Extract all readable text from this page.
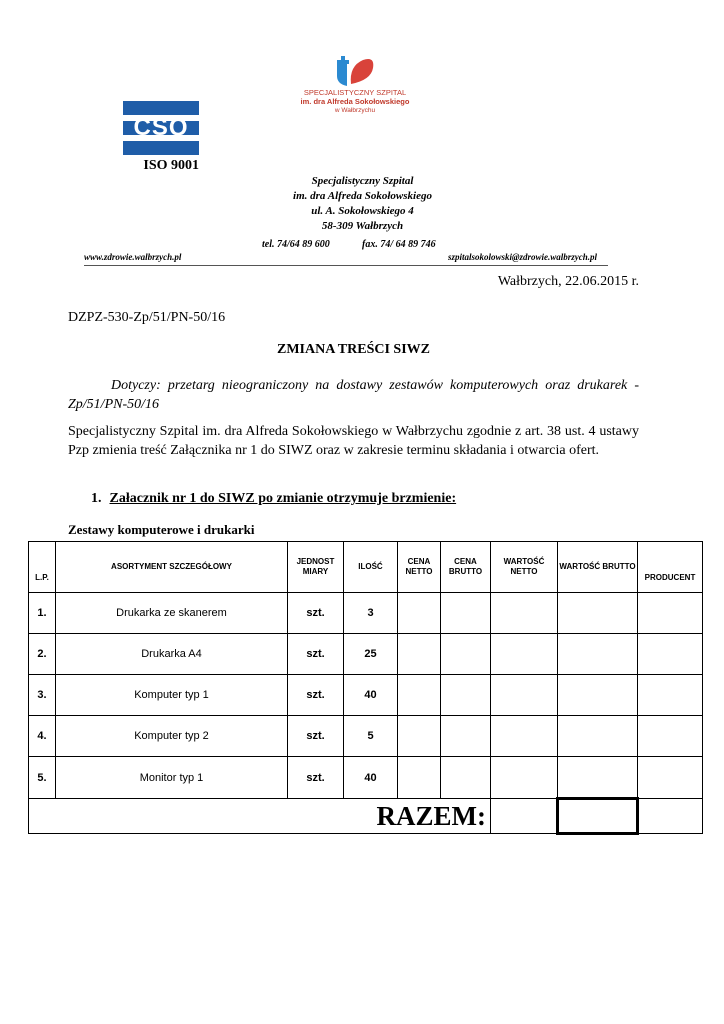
CSQ
ISO 9001
SPECJALISTYCZNY SZPITAL
im. dra Alfreda Sokołowskiego
w Wałbrzychu
Specjalistyczny Szpital
im. dra Alfreda Sokołowskiego
ul. A. Sokołowskiego 4
58-309 Wałbrzych
tel. 74/64 89 600	fax. 74/ 64 89 746
www.zdrowie.walbrzych.pl	szpitalsokolowski@zdrowie.walbrzych.pl
Wałbrzych, 22.06.2015 r.
DZPZ-530-Zp/51/PN-50/16
ZMIANA TREŚCI SIWZ
Dotyczy: przetarg nieograniczony na dostawy zestawów komputerowych oraz drukarek - Zp/51/PN-50/16
Specjalistyczny Szpital im. dra Alfreda Sokołowskiego w Wałbrzychu zgodnie z art. 38 ust. 4 ustawy Pzp zmienia treść Załącznika nr 1 do SIWZ oraz w zakresie terminu składania i otwarcia ofert.
1. Załacznik nr 1 do SIWZ po zmianie otrzymuje brzmienie:
Zestawy komputerowe i drukarki
L.P.	ASORTYMENT SZCZEGÓŁOWY	JEDNOST MIARY	ILOŚĆ	CENA NETTO	CENA BRUTTO	WARTOŚĆ NETTO	WARTOŚĆ BRUTTO	PRODUCENT
1.	Drukarka ze skanerem	szt.	3					
2.	Drukarka A4	szt.	25					
3.	Komputer typ 1	szt.	40					
4.	Komputer typ 2	szt.	5					
5.	Monitor typ 1	szt.	40					
RAZEM:								
